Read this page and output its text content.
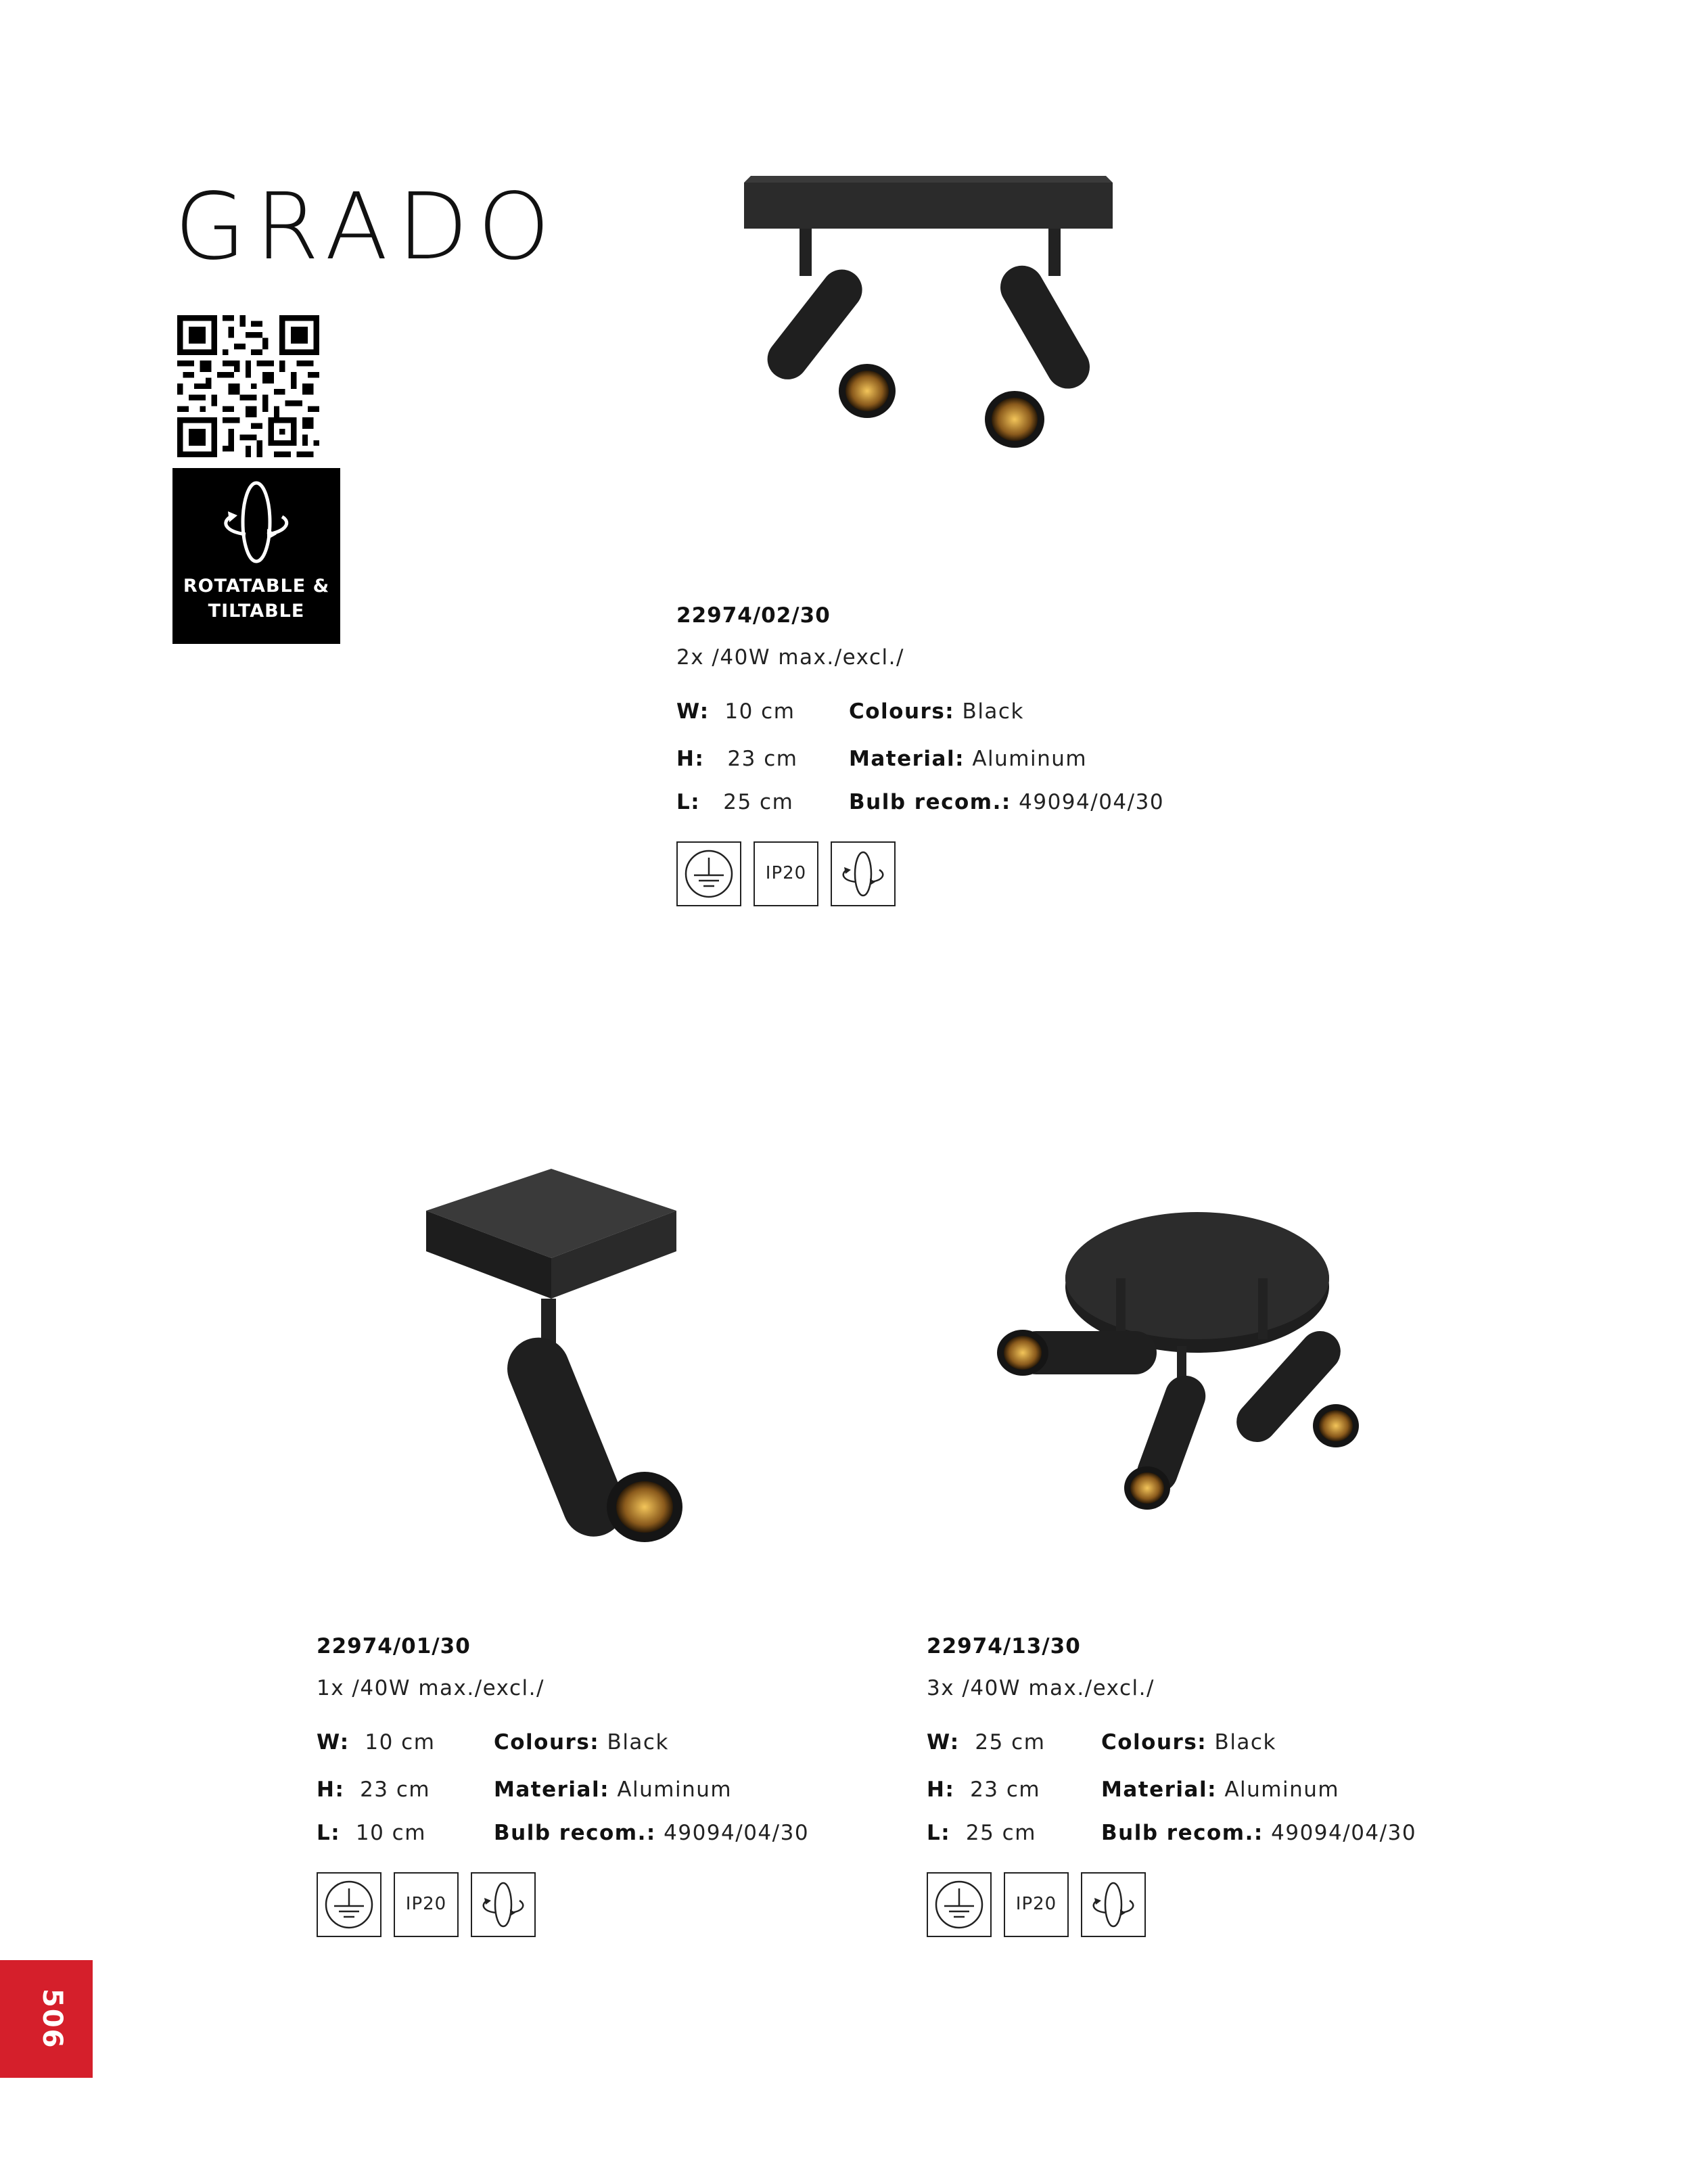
GRADO
ROTATABLE &
TILTABLE	22974/02/30
2x /40W max./excl./
W: 10 cm
H: 23 cm
L: 25 cm
Colours: Black
Material: Aluminum
Bulb recom.: 49094/04/30
IP20
22974/01/30
1x /40W max./excl./
W: 10 cm
H: 23 cm
L: 10 cm
Colours: Black
Material: Aluminum
Bulb recom.: 49094/04/30
IP20
22974/13/30
3x /40W max./excl./
W: 25 cm
H: 23 cm
L: 25 cm
Colours: Black
Material: Aluminum
Bulb recom.: 49094/04/30
IP20
506
